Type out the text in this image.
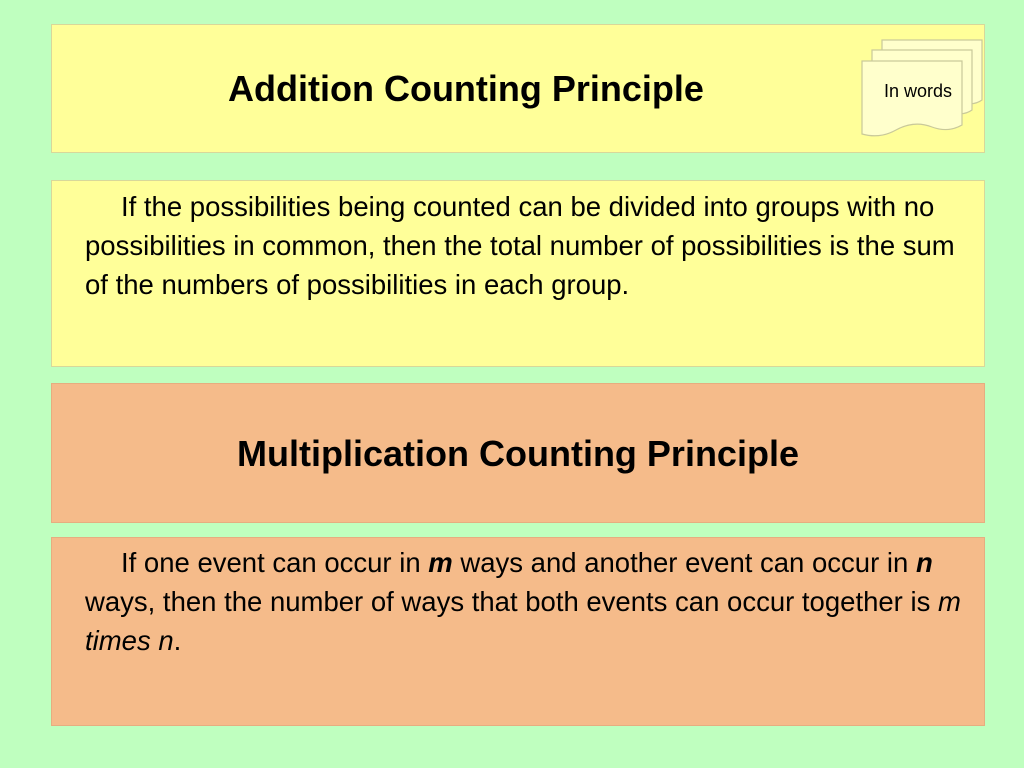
Addition Counting Principle	In words
If the possibilities being counted can be divided into groups with no possibilities in common, then the total number of possibilities is the sum of the numbers of possibilities in each group.
Multiplication Counting Principle
If one event can occur in m ways and another event can occur in n ways, then the number of ways that both events can occur together is m times n.
